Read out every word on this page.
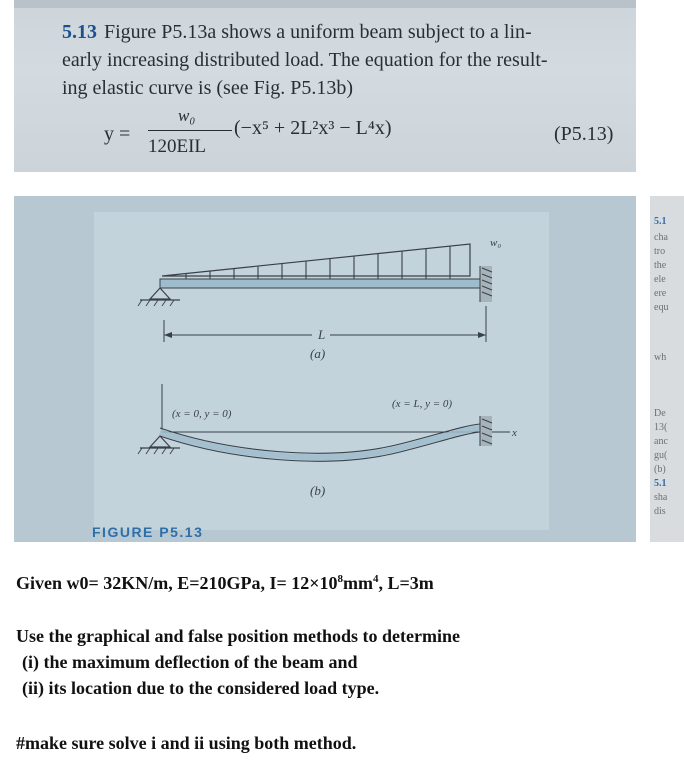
5.13 Figure P5.13a shows a uniform beam subject to a lin-
early increasing distributed load. The equation for the result-
ing elastic curve is (see Fig. P5.13b)
y =
w₀
120EIL
(−x⁵ + 2L²x³ − L⁴x)	(P5.13)
L
(a)
w₀
x
(x = 0, y = 0)
(x = L, y = 0)
(b)
FIGURE P5.13
5.1
cha
tro
the
ele
ere
equ
wh
De
13(
anc
gu(
(b)
5.1
sha
dis
Given w0= 32KN/m, E=210GPa, $I= 12\times 10^8mm^4$, L=3m
Use the graphical and false position methods to determine
(i) the maximum deflection of the beam and
(ii) its location due to the considered load type.
#make sure solve i and ii using both method.
